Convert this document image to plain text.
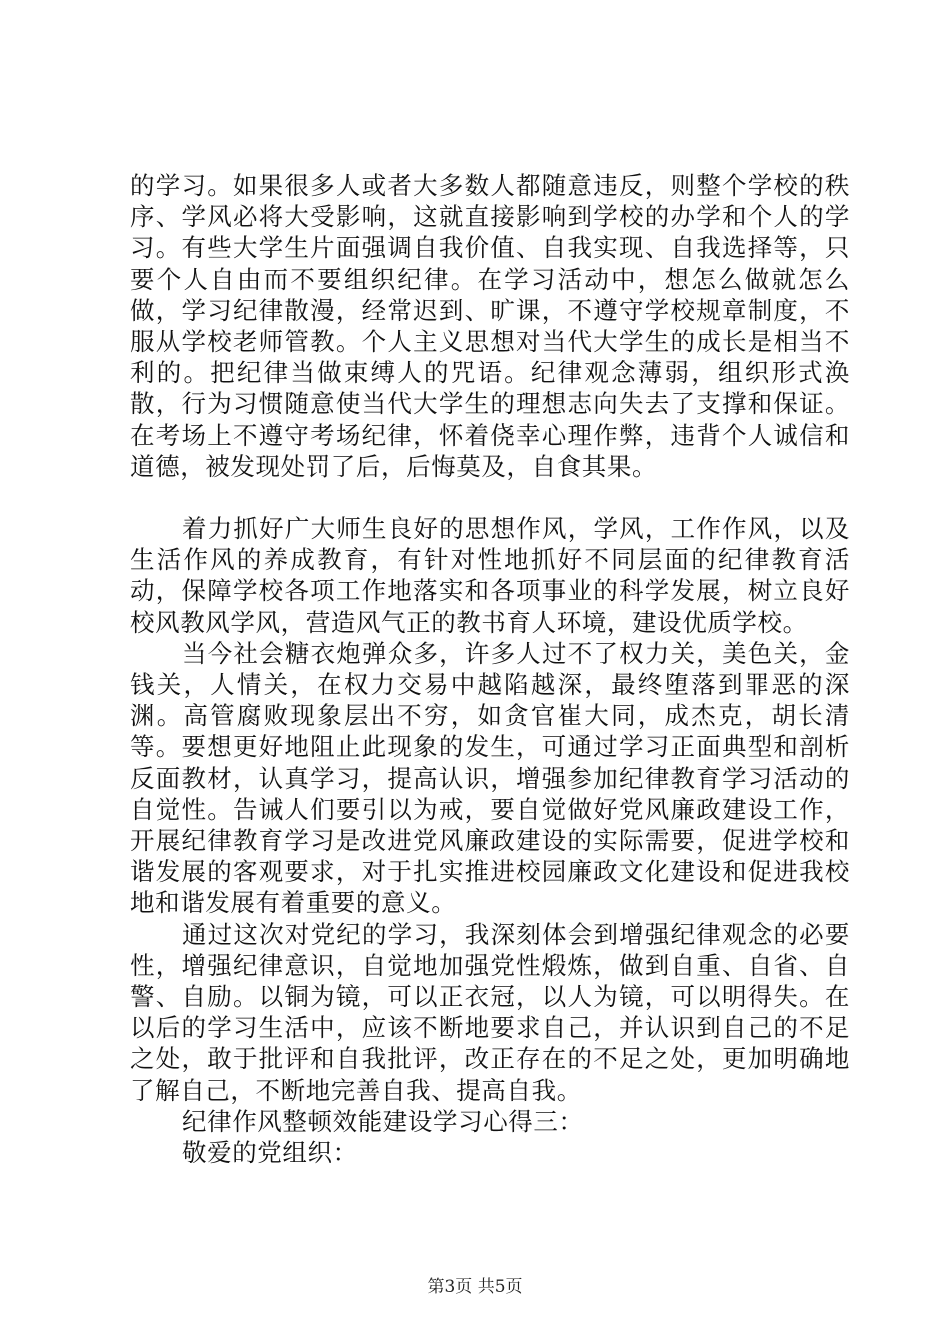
的学习。如果很多人或者大多数人都随意违反，则整个学校的秩序、学风必将大受影响，这就直接影响到学校的办学和个人的学习。有些大学生片面强调自我价值、自我实现、自我选择等，只要个人自由而不要组织纪律。在学习活动中，想怎么做就怎么做，学习纪律散漫，经常迟到、旷课，不遵守学校规章制度，不服从学校老师管教。个人主义思想对当代大学生的成长是相当不利的。把纪律当做束缚人的咒语。纪律观念薄弱，组织形式涣散，行为习惯随意使当代大学生的理想志向失去了支撑和保证。在考场上不遵守考场纪律，怀着侥幸心理作弊，违背个人诚信和道德，被发现处罚了后，后悔莫及，自食其果。

着力抓好广大师生良好的思想作风，学风，工作作风，以及生活作风的养成教育，有针对性地抓好不同层面的纪律教育活动，保障学校各项工作地落实和各项事业的科学发展，树立良好校风教风学风，营造风气正的教书育人环境，建设优质学校。

当今社会糖衣炮弹众多，许多人过不了权力关，美色关，金钱关，人情关，在权力交易中越陷越深，最终堕落到罪恶的深渊。高管腐败现象层出不穷，如贪官崔大同，成杰克，胡长清等。要想更好地阻止此现象的发生，可通过学习正面典型和剖析反面教材，认真学习，提高认识，增强参加纪律教育学习活动的自觉性。告诫人们要引以为戒，要自觉做好党风廉政建设工作，开展纪律教育学习是改进党风廉政建设的实际需要，促进学校和谐发展的客观要求，对于扎实推进校园廉政文化建设和促进我校地和谐发展有着重要的意义。

通过这次对党纪的学习，我深刻体会到增强纪律观念的必要性，增强纪律意识，自觉地加强党性煅炼，做到自重、自省、自警、自励。以铜为镜，可以正衣冠，以人为镜，可以明得失。在以后的学习生活中，应该不断地要求自己，并认识到自己的不足之处，敢于批评和自我批评，改正存在的不足之处，更加明确地了解自己，不断地完善自我、提高自我。

纪律作风整顿效能建设学习心得三：

敬爱的党组织：

第3页 共5页
